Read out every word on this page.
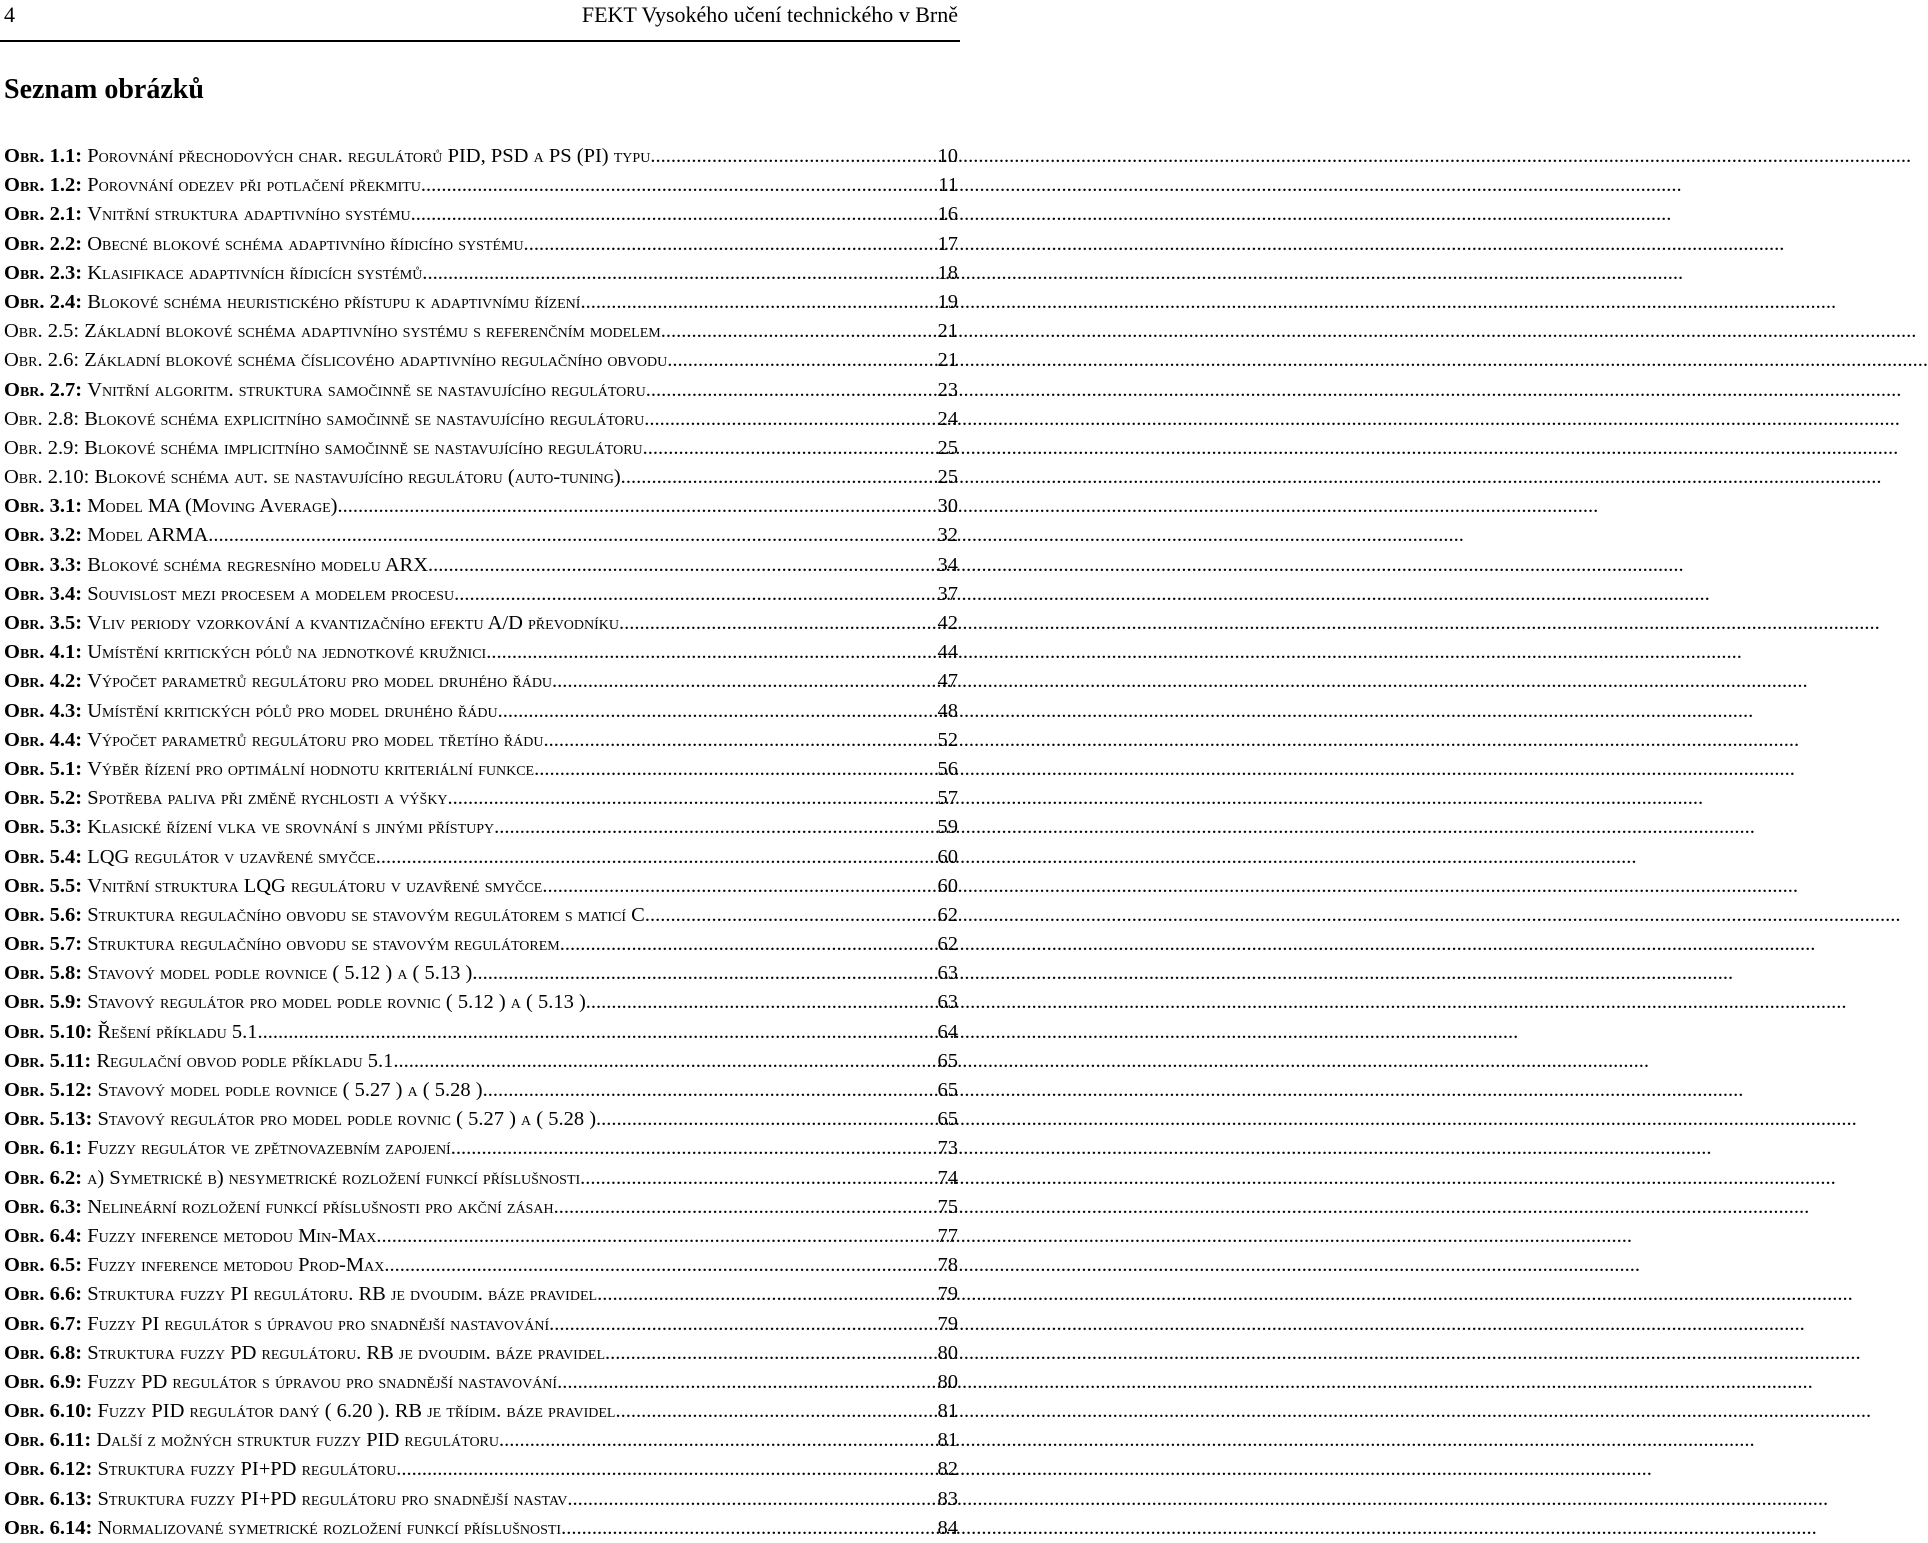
4	FEKT Vysokého učení technického v Brně
Seznam obrázků
Obr. 1.1: Porovnání přechodových char. regulátorů PID, PSD a PS (PI) typu. .....	10
Obr. 1.2: Porovnání odezev při potlačení překmitu. .....	11
Obr. 2.1: Vnitřní struktura adaptivního systému. .....	16
Obr. 2.2: Obecné blokové schéma adaptivního řídicího systému. .....	17
Obr. 2.3: Klasifikace adaptivních řídicích systémů. .....	18
Obr. 2.4: Blokové schéma heuristického přístupu k adaptivnímu řízení .....	19
Obr. 2.5: Základní blokové schéma adaptivního systému s referenčním modelem .....	21
Obr. 2.6: Základní blokové schéma číslicového adaptivního regulačního obvodu. .....	21
Obr. 2.7: Vnitřní algoritm. struktura samočinně se nastavujícího regulátoru .....	23
Obr. 2.8: Blokové schéma explicitního samočinně se nastavujícího regulátoru .....	24
Obr. 2.9: Blokové schéma implicitního samočinně se nastavujícího regulátoru .....	25
Obr. 2.10: Blokové schéma aut. se nastavujícího regulátoru (auto-tuning). .....	25
Obr. 3.1: Model MA (Moving Average). .....	30
Obr. 3.2: Model ARMA .....	32
Obr. 3.3: Blokové schéma regresního modelu ARX .....	34
Obr. 3.4: Souvislost mezi procesem a modelem procesu .....	37
Obr. 3.5: Vliv periody vzorkování a kvantizačního efektu A/D převodníku. .....	42
Obr. 4.1: Umístění kritických pólů na jednotkové kružnici .....	44
Obr. 4.2: Výpočet parametrů regulátoru pro model druhého řádu .....	47
Obr. 4.3: Umístění kritických pólů pro model druhého řádu .....	48
Obr. 4.4: Výpočet parametrů regulátoru pro model třetího řádu .....	52
Obr. 5.1: Výběr řízení pro optimální hodnotu kriteriální funkce. .....	56
Obr. 5.2: Spotřeba paliva při změně rychlosti a výšky .....	57
Obr. 5.3: Klasické řízení vlka ve srovnání s jinými přístupy. .....	59
Obr. 5.4: LQG regulátor v uzavřené smyčce. .....	60
Obr. 5.5: Vnitřní struktura LQG regulátoru v uzavřené smyčce .....	60
Obr. 5.6: Struktura regulačního obvodu se stavovým regulátorem s maticí C .....	62
Obr. 5.7: Struktura regulačního obvodu se stavovým regulátorem .....	62
Obr. 5.8: Stavový model podle rovnice ( 5.12 ) a ( 5.13 ). .....	63
Obr. 5.9: Stavový regulátor pro model podle rovnic ( 5.12 ) a ( 5.13 ). .....	63
Obr. 5.10: Řešení příkladu 5.1. .....	64
Obr. 5.11: Regulační obvod podle příkladu 5.1 .....	65
Obr. 5.12: Stavový model podle rovnice ( 5.27 ) a ( 5.28 ). .....	65
Obr. 5.13: Stavový regulátor pro model podle rovnic ( 5.27 ) a ( 5.28 ). .....	65
Obr. 6.1: Fuzzy regulátor ve zpětnovazebním zapojení. .....	73
Obr. 6.2: a) Symetrické b) nesymetrické rozložení funkcí příslušnosti .....	74
Obr. 6.3: Nelineární rozložení funkcí příslušnosti pro akční zásah .....	75
Obr. 6.4: Fuzzy inference metodou Min-Max .....	77
Obr. 6.5: Fuzzy inference metodou Prod-Max .....	78
Obr. 6.6: Struktura fuzzy PI regulátoru. RB je dvoudim. báze pravidel .....	79
Obr. 6.7: Fuzzy PI regulátor s úpravou pro snadnější nastavování .....	79
Obr. 6.8: Struktura fuzzy PD regulátoru. RB je dvoudim. báze pravidel .....	80
Obr. 6.9: Fuzzy PD regulátor s úpravou pro snadnější nastavování .....	80
Obr. 6.10: Fuzzy PID regulátor daný ( 6.20 ). RB je třídim. báze pravidel .....	81
Obr. 6.11: Další z možných struktur fuzzy PID regulátoru .....	81
Obr. 6.12: Struktura fuzzy PI+PD regulátoru .....	82
Obr. 6.13: Struktura fuzzy PI+PD regulátoru pro snadnější nastav. .....	83
Obr. 6.14: Normalizované symetrické rozložení funkcí příslušnosti .....	84
